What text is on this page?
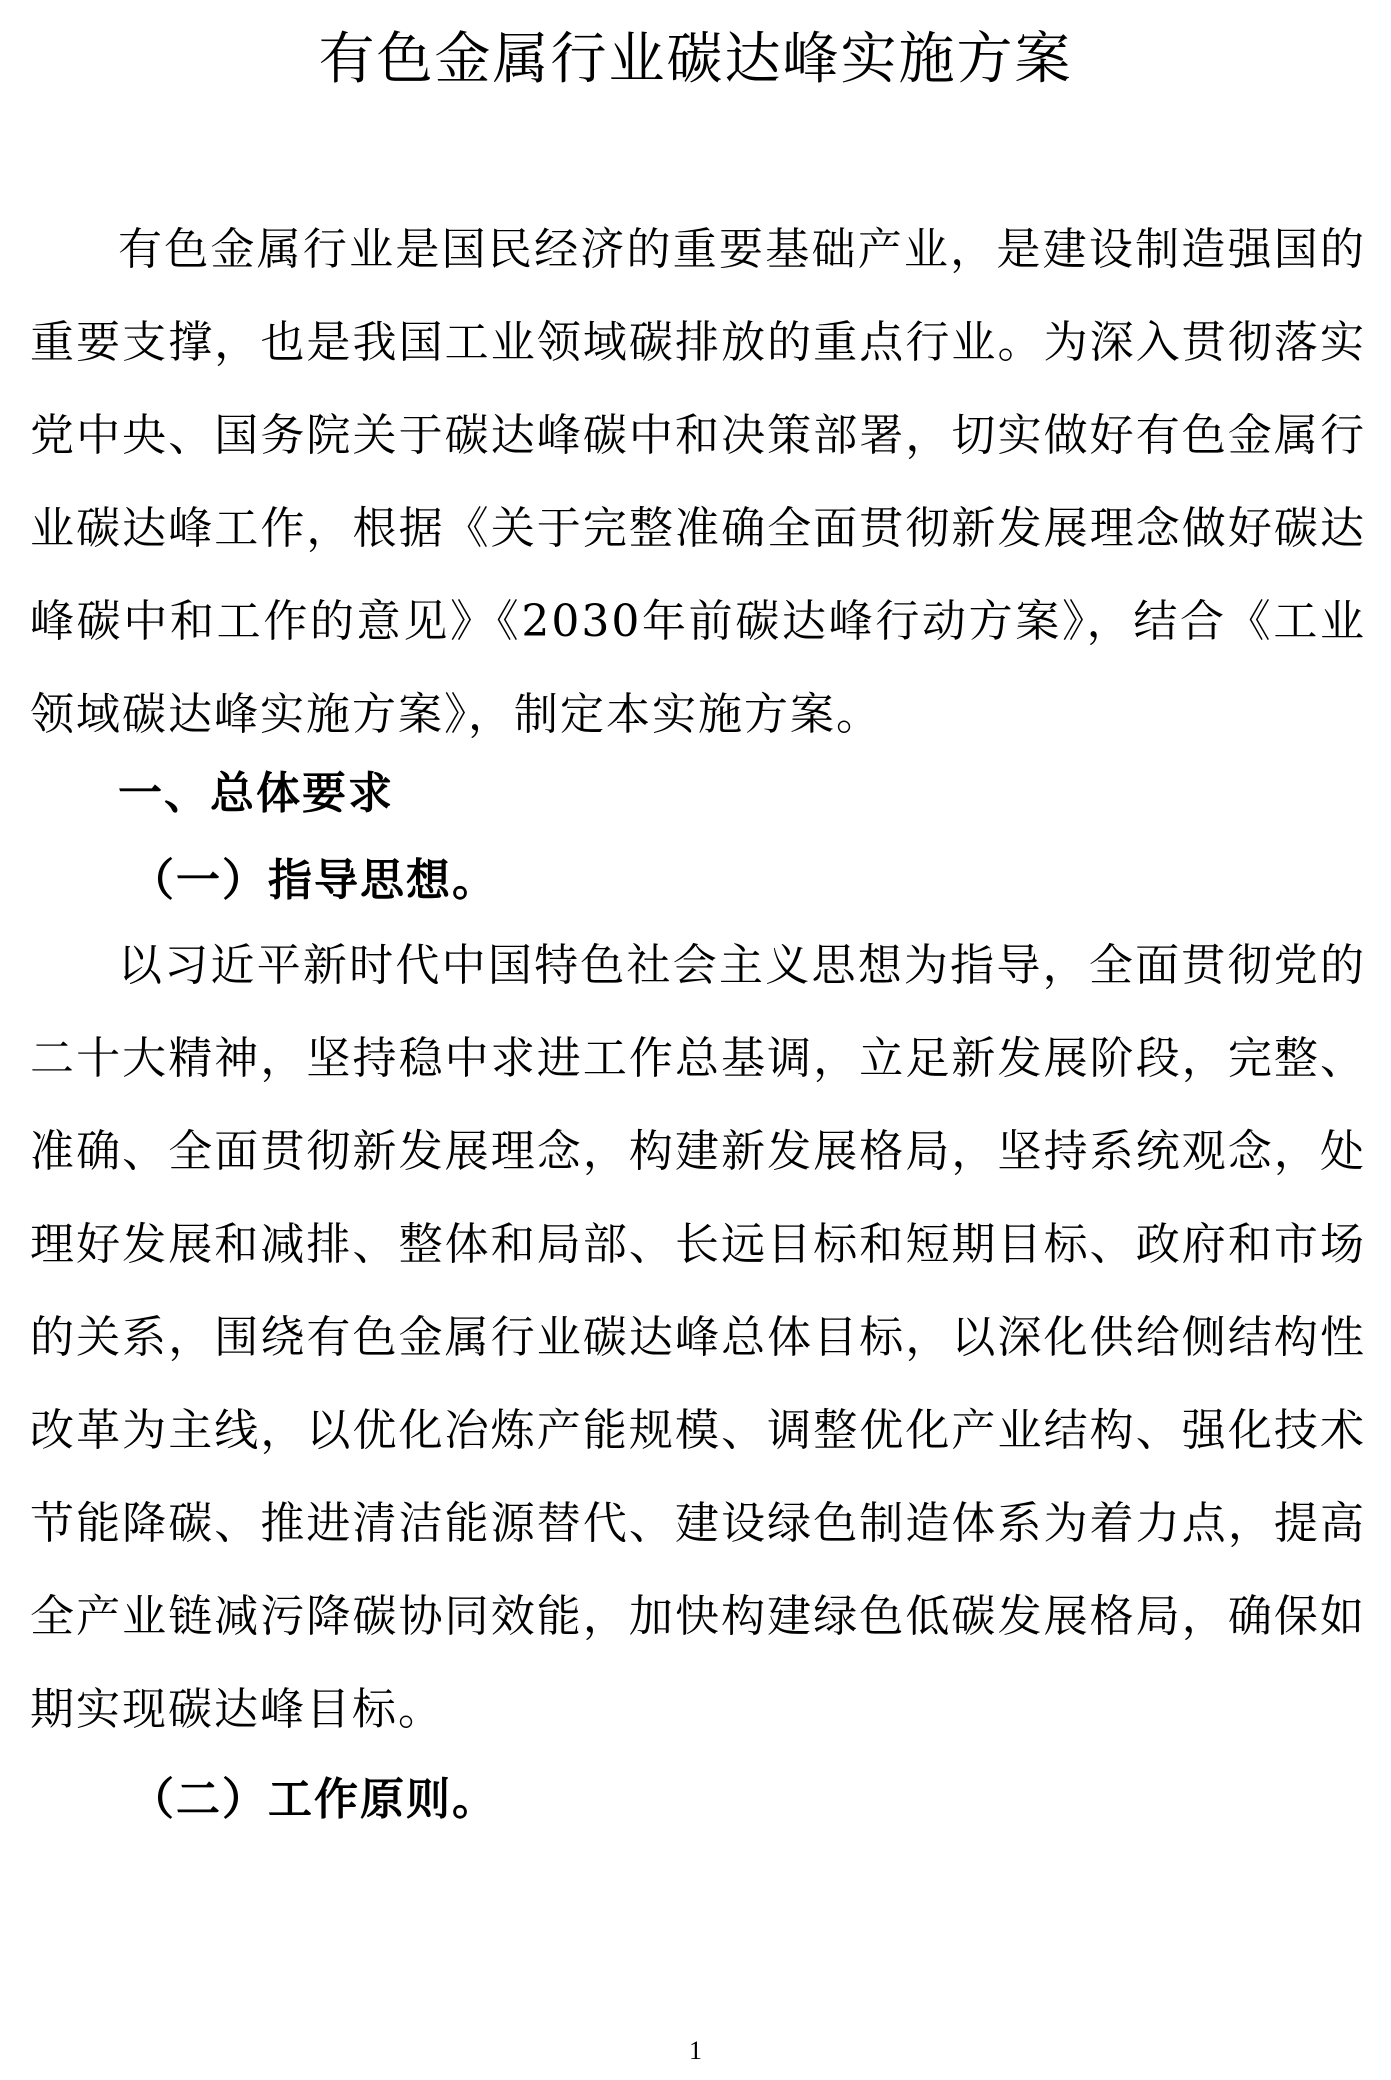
有色金属行业碳达峰实施方案

有色金属行业是国民经济的重要基础产业，是建设制造强国的重要支撑，也是我国工业领域碳排放的重点行业。为深入贯彻落实党中央、国务院关于碳达峰碳中和决策部署，切实做好有色金属行业碳达峰工作，根据《关于完整准确全面贯彻新发展理念做好碳达峰碳中和工作的意见》《2030年前碳达峰行动方案》，结合《工业领域碳达峰实施方案》，制定本实施方案。

一、总体要求
（一）指导思想。

以习近平新时代中国特色社会主义思想为指导，全面贯彻党的二十大精神，坚持稳中求进工作总基调，立足新发展阶段，完整、准确、全面贯彻新发展理念，构建新发展格局，坚持系统观念，处理好发展和减排、整体和局部、长远目标和短期目标、政府和市场的关系，围绕有色金属行业碳达峰总体目标，以深化供给侧结构性改革为主线，以优化冶炼产能规模、调整优化产业结构、强化技术节能降碳、推进清洁能源替代、建设绿色制造体系为着力点，提高全产业链减污降碳协同效能，加快构建绿色低碳发展格局，确保如期实现碳达峰目标。

（二）工作原则。
1
